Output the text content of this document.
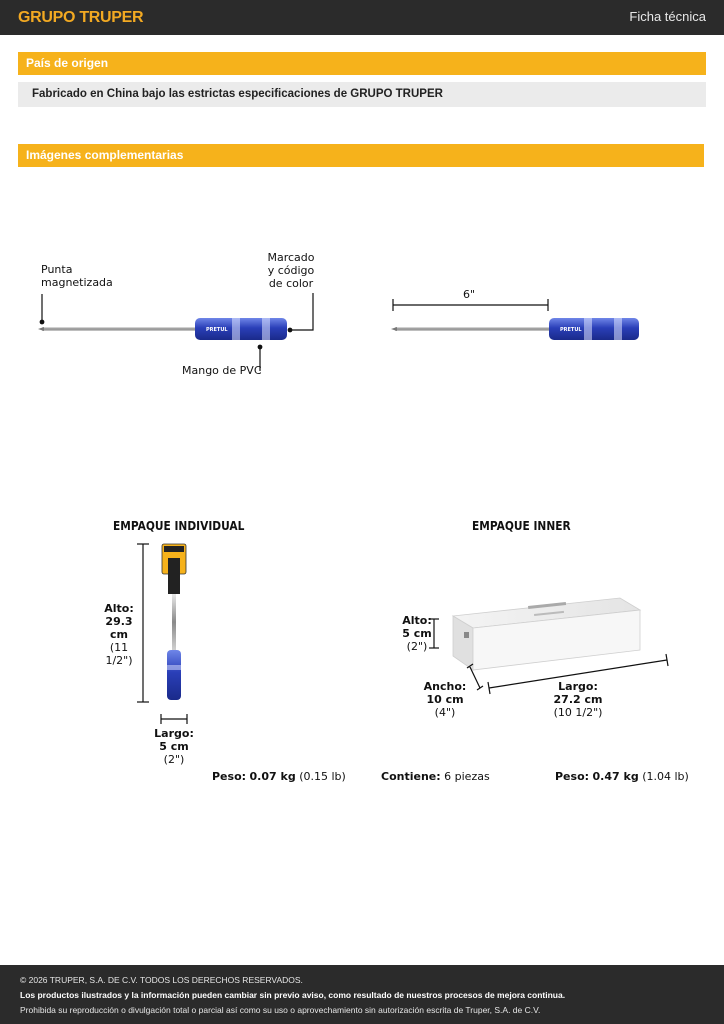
GRUPO TRUPER	Ficha técnica
País de origen
Fabricado en China bajo las estrictas especificaciones de GRUPO TRUPER
Imágenes complementarias
PRETUL	PRETUL
Punta
magnetizada
Mango de PVC
Marcado
y código
de color
6"
EMPAQUE INDIVIDUAL
Alto:
29.3 cm
(11 1/2")
Largo:
5 cm
(2")
Peso: 0.07 kg (0.15 lb)
EMPAQUE INNER
Alto:
5 cm
(2")
Ancho:
10 cm
(4")
Largo:
27.2 cm
(10 1/2")
Contiene: 6 piezas	Peso: 0.47 kg (1.04 lb)
© 2026 TRUPER, S.A. DE C.V. TODOS LOS DERECHOS RESERVADOS.
Los productos ilustrados y la información pueden cambiar sin previo aviso, como resultado de nuestros procesos de mejora continua.
Prohibida su reproducción o divulgación total o parcial así como su uso o aprovechamiento sin autorización escrita de Truper, S.A. de C.V.
